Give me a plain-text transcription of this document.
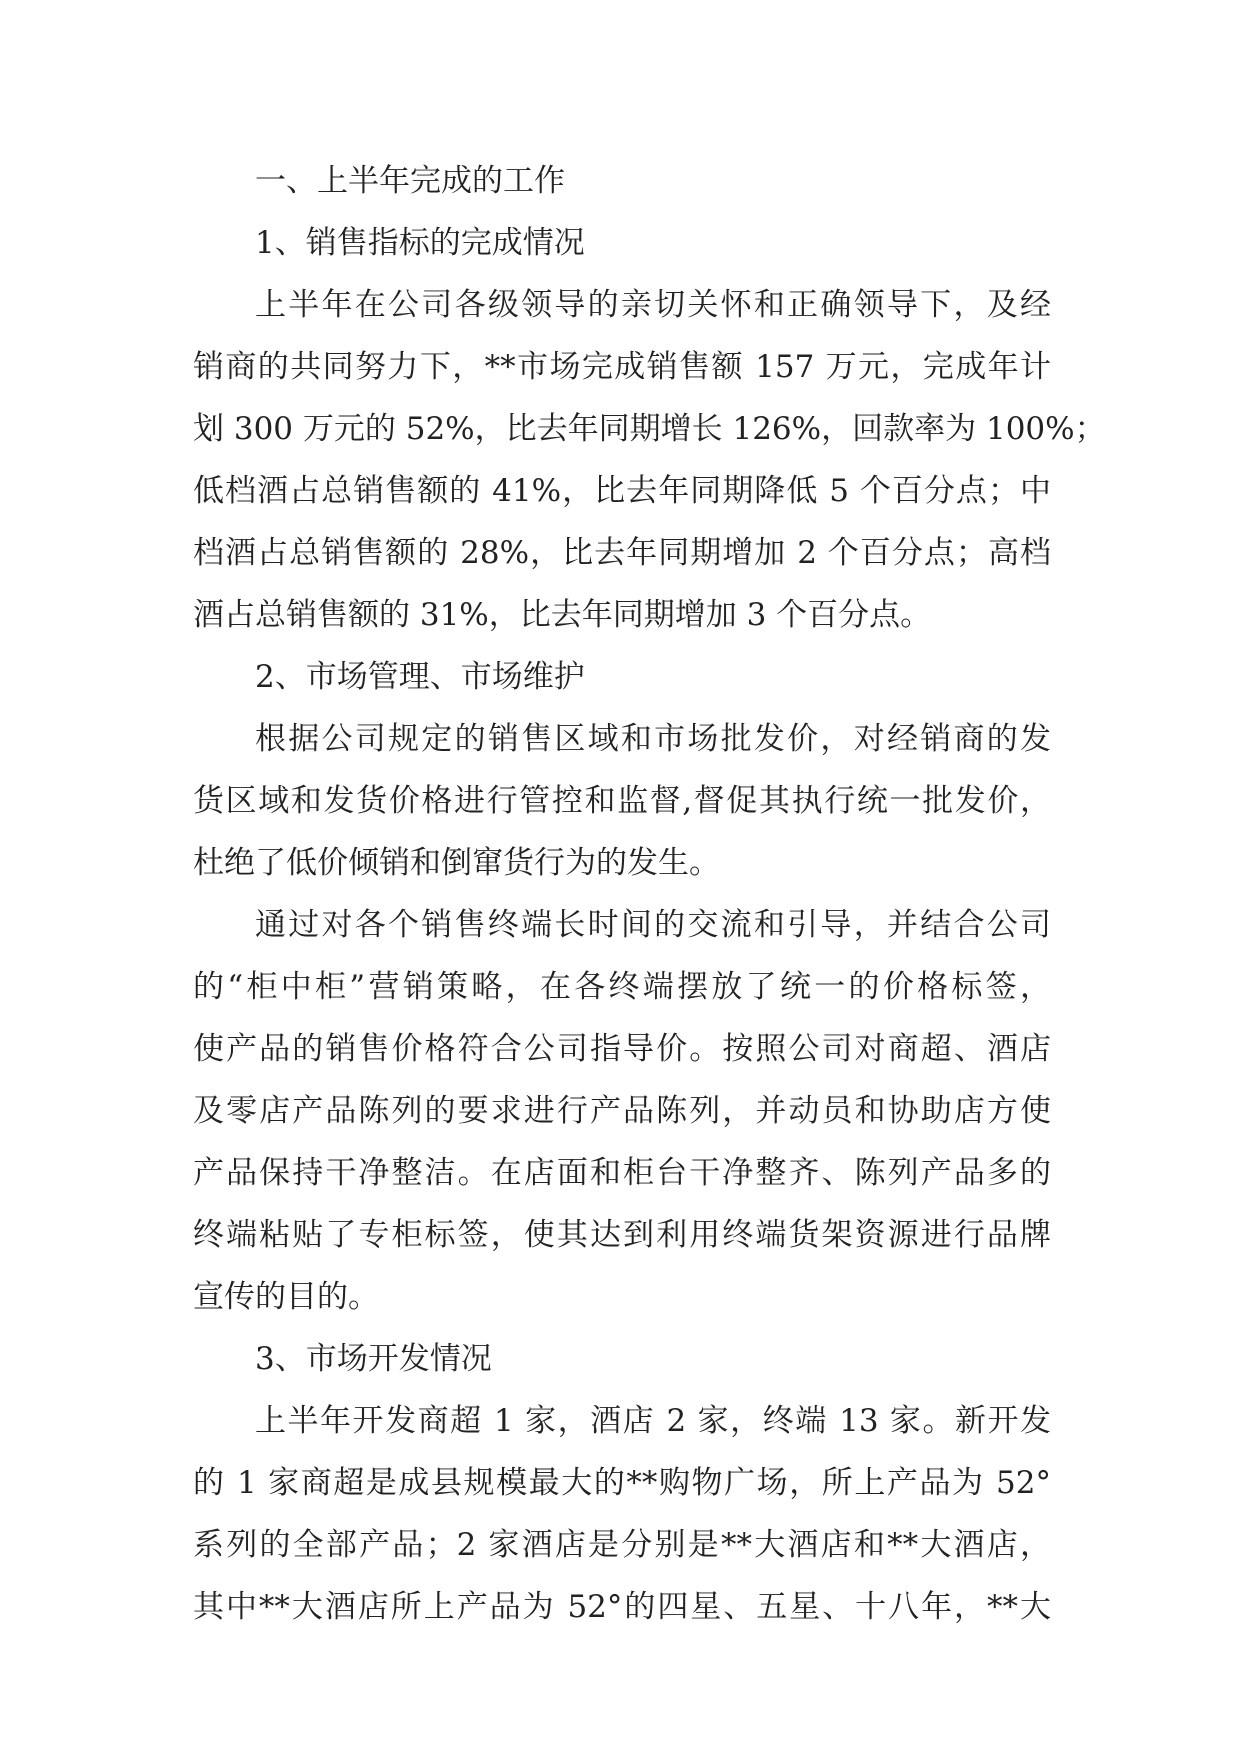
一、上半年完成的工作
1、销售指标的完成情况
上半年在公司各级领导的亲切关怀和正确领导下，及经
销商的共同努力下，**市场完成销售额 157 万元，完成年计
划 300 万元的 52%，比去年同期增长 126%，回款率为 100%；
低档酒占总销售额的 41%，比去年同期降低 5 个百分点；中
档酒占总销售额的 28%，比去年同期增加 2 个百分点；高档
酒占总销售额的 31%，比去年同期增加 3 个百分点。
2、市场管理、市场维护
根据公司规定的销售区域和市场批发价，对经销商的发
货区域和发货价格进行管控和监督,督促其执行统一批发价，
杜绝了低价倾销和倒窜货行为的发生。
通过对各个销售终端长时间的交流和引导，并结合公司
的“柜中柜”营销策略，在各终端摆放了统一的价格标签，
使产品的销售价格符合公司指导价。按照公司对商超、酒店
及零店产品陈列的要求进行产品陈列，并动员和协助店方使
产品保持干净整洁。在店面和柜台干净整齐、陈列产品多的
终端粘贴了专柜标签，使其达到利用终端货架资源进行品牌
宣传的目的。
3、市场开发情况
上半年开发商超 1 家，酒店 2 家，终端 13 家。新开发
的 1 家商超是成县规模最大的**购物广场，所上产品为 52°
系列的全部产品；2 家酒店是分别是**大酒店和**大酒店，
其中**大酒店所上产品为 52°的四星、五星、十八年，**大
